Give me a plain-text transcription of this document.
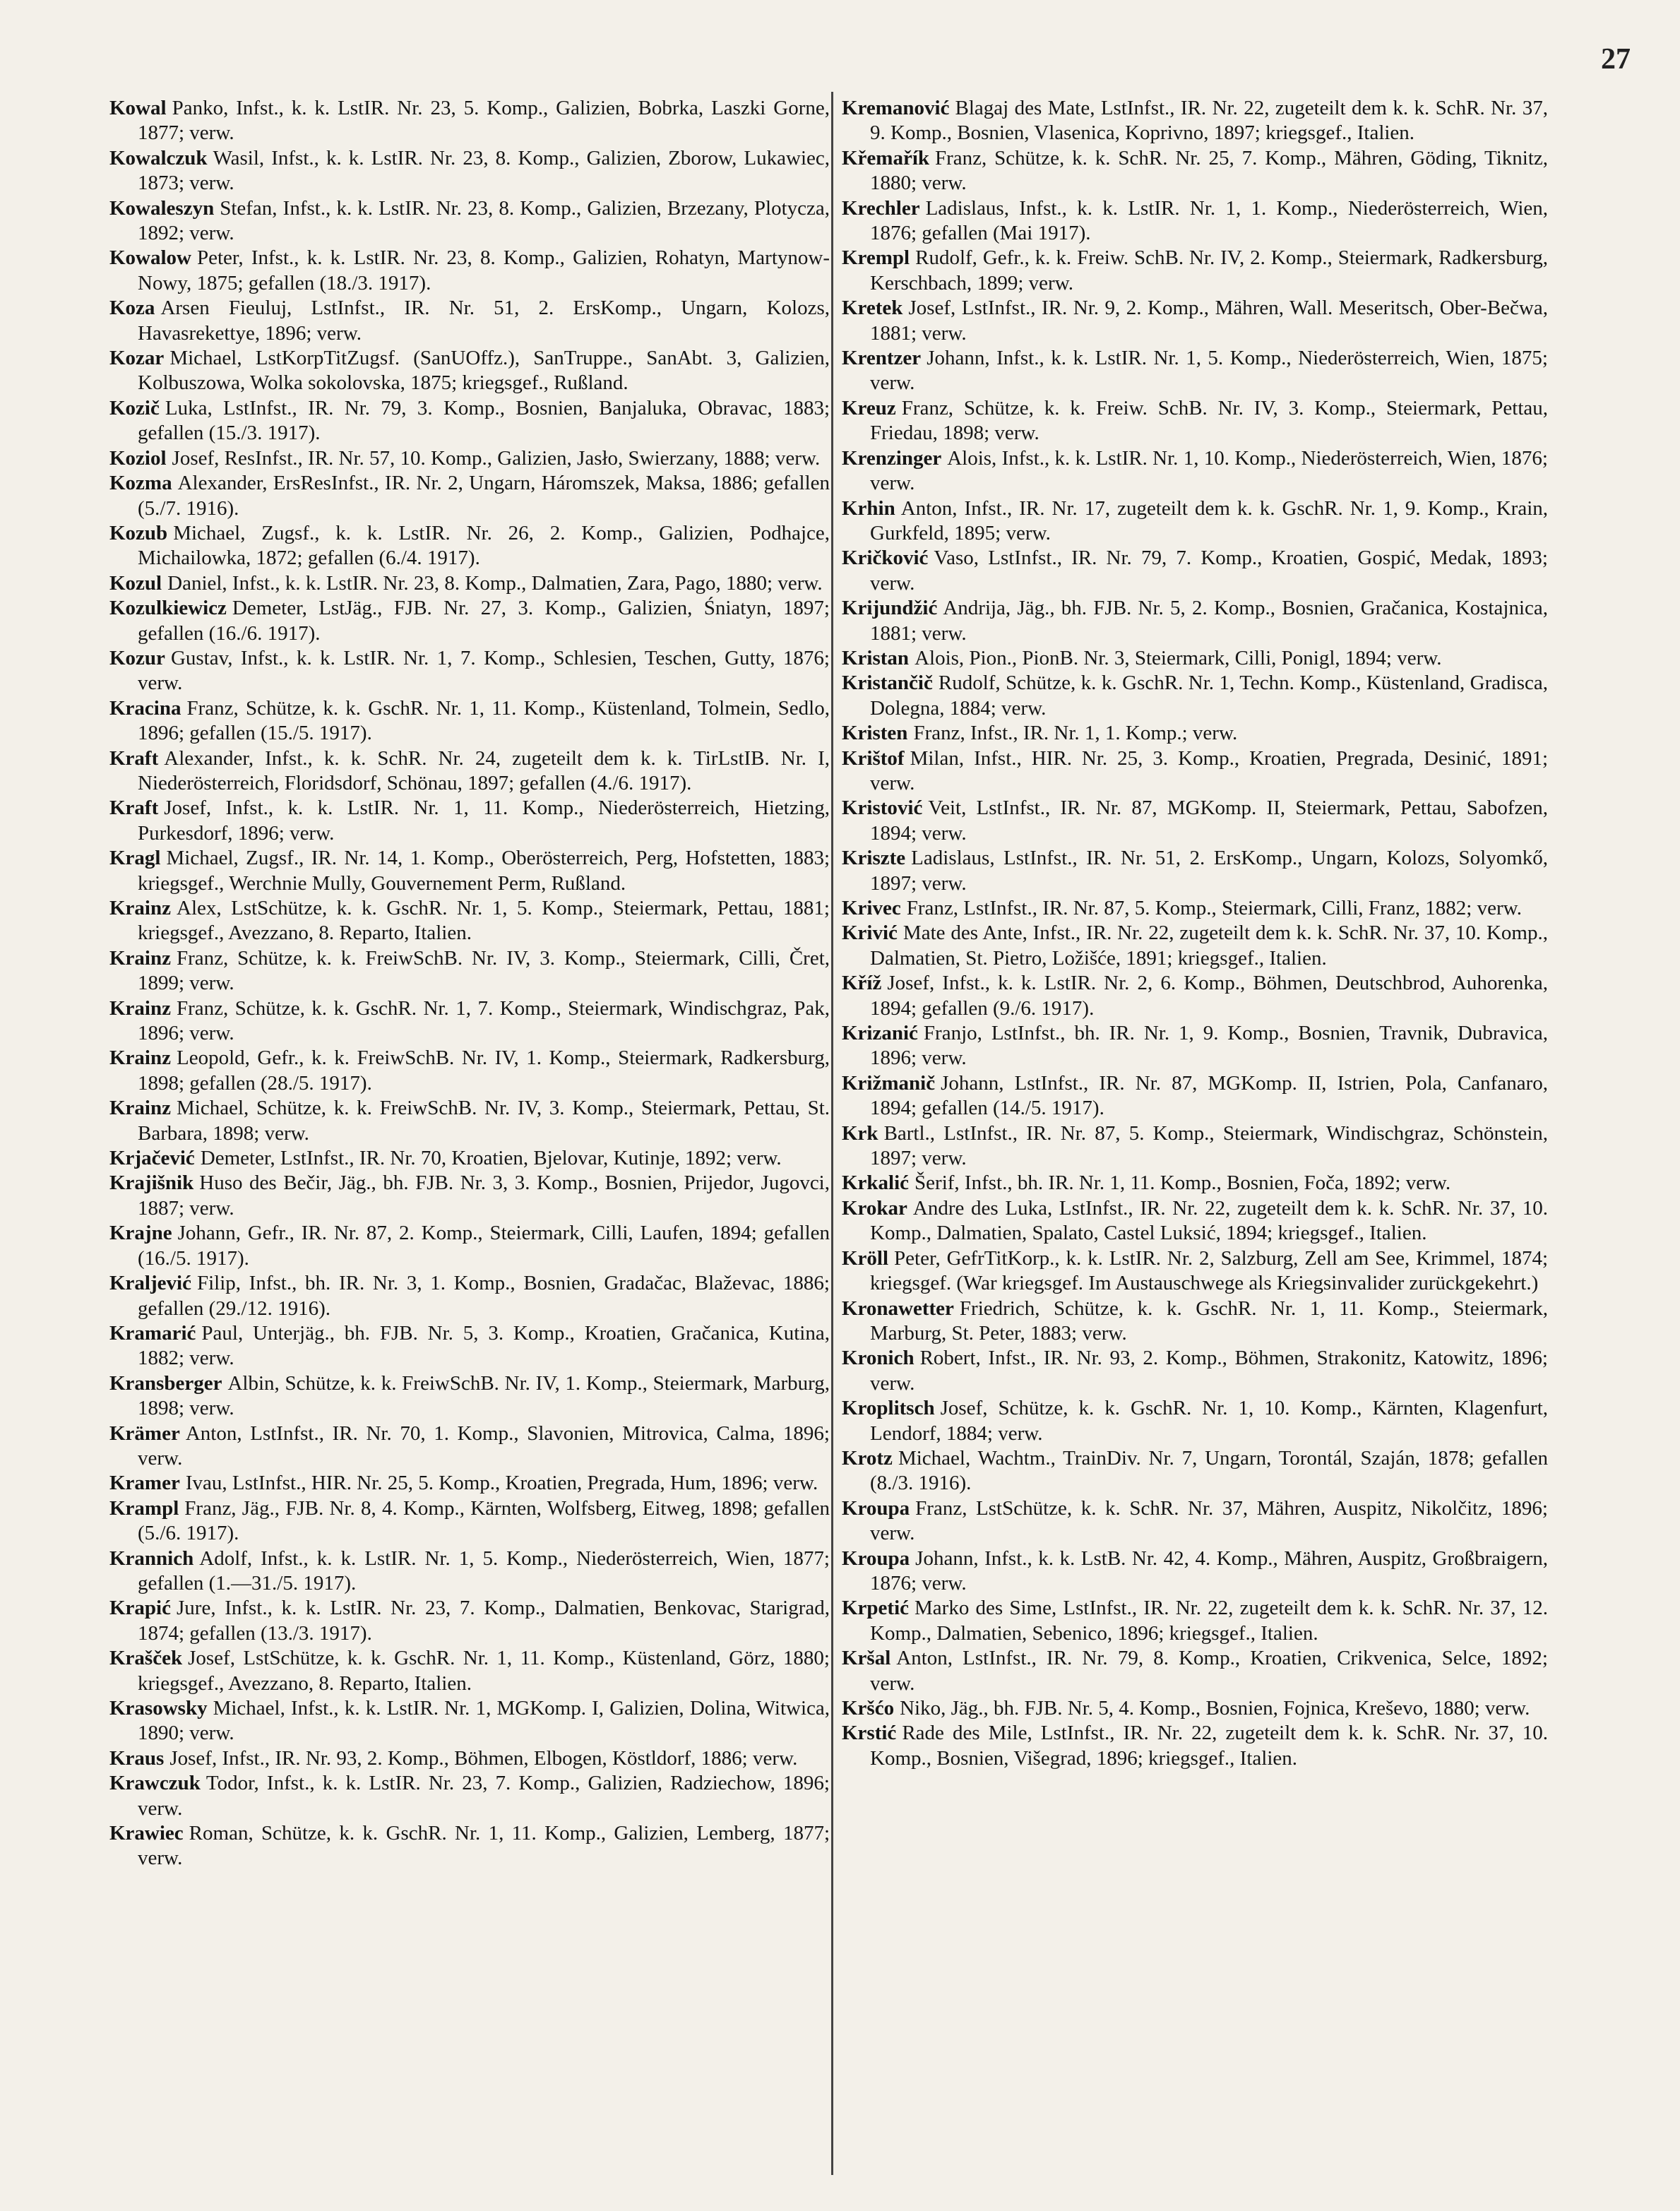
27

Kowal Panko, Infst., k. k. LstIR. Nr. 23, 5. Komp., Galizien, Bobrka, Laszki Gorne, 1877; verw.

Kowalczuk Wasil, Infst., k. k. LstIR. Nr. 23, 8. Komp., Galizien, Zborow, Lukawiec, 1873; verw.

Kowaleszyn Stefan, Infst., k. k. LstIR. Nr. 23, 8. Komp., Galizien, Brzezany, Plotycza, 1892; verw.

Kowalow Peter, Infst., k. k. LstIR. Nr. 23, 8. Komp., Galizien, Rohatyn, Martynow-Nowy, 1875; gefallen (18./3. 1917).

Koza Arsen Fieuluj, LstInfst., IR. Nr. 51, 2. ErsKomp., Ungarn, Kolozs, Havasrekettye, 1896; verw.

Kozar Michael, LstKorpTitZugsf. (SanUOffz.), SanTruppe., SanAbt. 3, Galizien, Kolbuszowa, Wolka sokolovska, 1875; kriegsgef., Rußland.

Kozič Luka, LstInfst., IR. Nr. 79, 3. Komp., Bosnien, Banjaluka, Obravac, 1883; gefallen (15./3. 1917).

Koziol Josef, ResInfst., IR. Nr. 57, 10. Komp., Galizien, Jasło, Swierzany, 1888; verw.

Kozma Alexander, ErsResInfst., IR. Nr. 2, Ungarn, Háromszek, Maksa, 1886; gefallen (5./7. 1916).

Kozub Michael, Zugsf., k. k. LstIR. Nr. 26, 2. Komp., Galizien, Podhajce, Michailowka, 1872; gefallen (6./4. 1917).

Kozul Daniel, Infst., k. k. LstIR. Nr. 23, 8. Komp., Dalmatien, Zara, Pago, 1880; verw.

Kozulkiewicz Demeter, LstJäg., FJB. Nr. 27, 3. Komp., Galizien, Śniatyn, 1897; gefallen (16./6. 1917).

Kozur Gustav, Infst., k. k. LstIR. Nr. 1, 7. Komp., Schlesien, Teschen, Gutty, 1876; verw.

Kracina Franz, Schütze, k. k. GschR. Nr. 1, 11. Komp., Küstenland, Tolmein, Sedlo, 1896; gefallen (15./5. 1917).

Kraft Alexander, Infst., k. k. SchR. Nr. 24, zugeteilt dem k. k. TirLstIB. Nr. I, Niederösterreich, Floridsdorf, Schönau, 1897; gefallen (4./6. 1917).

Kraft Josef, Infst., k. k. LstIR. Nr. 1, 11. Komp., Niederösterreich, Hietzing, Purkesdorf, 1896; verw.

Kragl Michael, Zugsf., IR. Nr. 14, 1. Komp., Oberösterreich, Perg, Hofstetten, 1883; kriegsgef., Werchnie Mully, Gouvernement Perm, Rußland.

Krainz Alex, LstSchütze, k. k. GschR. Nr. 1, 5. Komp., Steiermark, Pettau, 1881; kriegsgef., Avezzano, 8. Reparto, Italien.

Krainz Franz, Schütze, k. k. FreiwSchB. Nr. IV, 3. Komp., Steiermark, Cilli, Čret, 1899; verw.

Krainz Franz, Schütze, k. k. GschR. Nr. 1, 7. Komp., Steiermark, Windischgraz, Pak, 1896; verw.

Krainz Leopold, Gefr., k. k. FreiwSchB. Nr. IV, 1. Komp., Steiermark, Radkersburg, 1898; gefallen (28./5. 1917).

Krainz Michael, Schütze, k. k. FreiwSchB. Nr. IV, 3. Komp., Steiermark, Pettau, St. Barbara, 1898; verw.

Krjačević Demeter, LstInfst., IR. Nr. 70, Kroatien, Bjelovar, Kutinje, 1892; verw.

Krajišnik Huso des Bečir, Jäg., bh. FJB. Nr. 3, 3. Komp., Bosnien, Prijedor, Jugovci, 1887; verw.

Krajne Johann, Gefr., IR. Nr. 87, 2. Komp., Steiermark, Cilli, Laufen, 1894; gefallen (16./5. 1917).

Kraljević Filip, Infst., bh. IR. Nr. 3, 1. Komp., Bosnien, Gradačac, Blaževac, 1886; gefallen (29./12. 1916).

Kramarić Paul, Unterjäg., bh. FJB. Nr. 5, 3. Komp., Kroatien, Gračanica, Kutina, 1882; verw.

Kransberger Albin, Schütze, k. k. FreiwSchB. Nr. IV, 1. Komp., Steiermark, Marburg, 1898; verw.

Krämer Anton, LstInfst., IR. Nr. 70, 1. Komp., Slavonien, Mitrovica, Calma, 1896; verw.

Kramer Ivau, LstInfst., HIR. Nr. 25, 5. Komp., Kroatien, Pregrada, Hum, 1896; verw.

Krampl Franz, Jäg., FJB. Nr. 8, 4. Komp., Kärnten, Wolfsberg, Eitweg, 1898; gefallen (5./6. 1917).

Krannich Adolf, Infst., k. k. LstIR. Nr. 1, 5. Komp., Niederösterreich, Wien, 1877; gefallen (1.—31./5. 1917).

Krapić Jure, Infst., k. k. LstIR. Nr. 23, 7. Komp., Dalmatien, Benkovac, Starigrad, 1874; gefallen (13./3. 1917).

Krašček Josef, LstSchütze, k. k. GschR. Nr. 1, 11. Komp., Küstenland, Görz, 1880; kriegsgef., Avezzano, 8. Reparto, Italien.

Krasowsky Michael, Infst., k. k. LstIR. Nr. 1, MGKomp. I, Galizien, Dolina, Witwica, 1890; verw.

Kraus Josef, Infst., IR. Nr. 93, 2. Komp., Böhmen, Elbogen, Köstldorf, 1886; verw.

Krawczuk Todor, Infst., k. k. LstIR. Nr. 23, 7. Komp., Galizien, Radziechow, 1896; verw.

Krawiec Roman, Schütze, k. k. GschR. Nr. 1, 11. Komp., Galizien, Lemberg, 1877; verw.

Kremanović Blagaj des Mate, LstInfst., IR. Nr. 22, zugeteilt dem k. k. SchR. Nr. 37, 9. Komp., Bosnien, Vlasenica, Koprivno, 1897; kriegsgef., Italien.

Křemařík Franz, Schütze, k. k. SchR. Nr. 25, 7. Komp., Mähren, Göding, Tiknitz, 1880; verw.

Krechler Ladislaus, Infst., k. k. LstIR. Nr. 1, 1. Komp., Niederösterreich, Wien, 1876; gefallen (Mai 1917).

Krempl Rudolf, Gefr., k. k. Freiw. SchB. Nr. IV, 2. Komp., Steiermark, Radkersburg, Kerschbach, 1899; verw.

Kretek Josef, LstInfst., IR. Nr. 9, 2. Komp., Mähren, Wall. Meseritsch, Ober-Bečwa, 1881; verw.

Krentzer Johann, Infst., k. k. LstIR. Nr. 1, 5. Komp., Niederösterreich, Wien, 1875; verw.

Kreuz Franz, Schütze, k. k. Freiw. SchB. Nr. IV, 3. Komp., Steiermark, Pettau, Friedau, 1898; verw.

Krenzinger Alois, Infst., k. k. LstIR. Nr. 1, 10. Komp., Niederösterreich, Wien, 1876; verw.

Krhin Anton, Infst., IR. Nr. 17, zugeteilt dem k. k. GschR. Nr. 1, 9. Komp., Krain, Gurkfeld, 1895; verw.

Kričković Vaso, LstInfst., IR. Nr. 79, 7. Komp., Kroatien, Gospić, Medak, 1893; verw.

Krijundžić Andrija, Jäg., bh. FJB. Nr. 5, 2. Komp., Bosnien, Gračanica, Kostajnica, 1881; verw.

Kristan Alois, Pion., PionB. Nr. 3, Steiermark, Cilli, Ponigl, 1894; verw.

Kristančič Rudolf, Schütze, k. k. GschR. Nr. 1, Techn. Komp., Küstenland, Gradisca, Dolegna, 1884; verw.

Kristen Franz, Infst., IR. Nr. 1, 1. Komp.; verw.

Krištof Milan, Infst., HIR. Nr. 25, 3. Komp., Kroatien, Pregrada, Desinić, 1891; verw.

Kristović Veit, LstInfst., IR. Nr. 87, MGKomp. II, Steiermark, Pettau, Sabofzen, 1894; verw.

Kriszte Ladislaus, LstInfst., IR. Nr. 51, 2. ErsKomp., Ungarn, Kolozs, Solyomkő, 1897; verw.

Krivec Franz, LstInfst., IR. Nr. 87, 5. Komp., Steiermark, Cilli, Franz, 1882; verw.

Krivić Mate des Ante, Infst., IR. Nr. 22, zugeteilt dem k. k. SchR. Nr. 37, 10. Komp., Dalmatien, St. Pietro, Ložišće, 1891; kriegsgef., Italien.

Kříž Josef, Infst., k. k. LstIR. Nr. 2, 6. Komp., Böhmen, Deutschbrod, Auhorenka, 1894; gefallen (9./6. 1917).

Krizanić Franjo, LstInfst., bh. IR. Nr. 1, 9. Komp., Bosnien, Travnik, Dubravica, 1896; verw.

Križmanič Johann, LstInfst., IR. Nr. 87, MGKomp. II, Istrien, Pola, Canfanaro, 1894; gefallen (14./5. 1917).

Krk Bartl., LstInfst., IR. Nr. 87, 5. Komp., Steiermark, Windischgraz, Schönstein, 1897; verw.

Krkalić Šerif, Infst., bh. IR. Nr. 1, 11. Komp., Bosnien, Foča, 1892; verw.

Krokar Andre des Luka, LstInfst., IR. Nr. 22, zugeteilt dem k. k. SchR. Nr. 37, 10. Komp., Dalmatien, Spalato, Castel Luksić, 1894; kriegsgef., Italien.

Kröll Peter, GefrTitKorp., k. k. LstIR. Nr. 2, Salzburg, Zell am See, Krimmel, 1874; kriegsgef. (War kriegsgef. Im Austauschwege als Kriegsinvalider zurückgekehrt.)

Kronawetter Friedrich, Schütze, k. k. GschR. Nr. 1, 11. Komp., Steiermark, Marburg, St. Peter, 1883; verw.

Kronich Robert, Infst., IR. Nr. 93, 2. Komp., Böhmen, Strakonitz, Katowitz, 1896; verw.

Kroplitsch Josef, Schütze, k. k. GschR. Nr. 1, 10. Komp., Kärnten, Klagenfurt, Lendorf, 1884; verw.

Krotz Michael, Wachtm., TrainDiv. Nr. 7, Ungarn, Torontál, Szaján, 1878; gefallen (8./3. 1916).

Kroupa Franz, LstSchütze, k. k. SchR. Nr. 37, Mähren, Auspitz, Nikolčitz, 1896; verw.

Kroupa Johann, Infst., k. k. LstB. Nr. 42, 4. Komp., Mähren, Auspitz, Großbraigern, 1876; verw.

Krpetić Marko des Sime, LstInfst., IR. Nr. 22, zugeteilt dem k. k. SchR. Nr. 37, 12. Komp., Dalmatien, Sebenico, 1896; kriegsgef., Italien.

Kršal Anton, LstInfst., IR. Nr. 79, 8. Komp., Kroatien, Crikvenica, Selce, 1892; verw.

Kršćo Niko, Jäg., bh. FJB. Nr. 5, 4. Komp., Bosnien, Fojnica, Kreševo, 1880; verw.

Krstić Rade des Mile, LstInfst., IR. Nr. 22, zugeteilt dem k. k. SchR. Nr. 37, 10. Komp., Bosnien, Višegrad, 1896; kriegsgef., Italien.
